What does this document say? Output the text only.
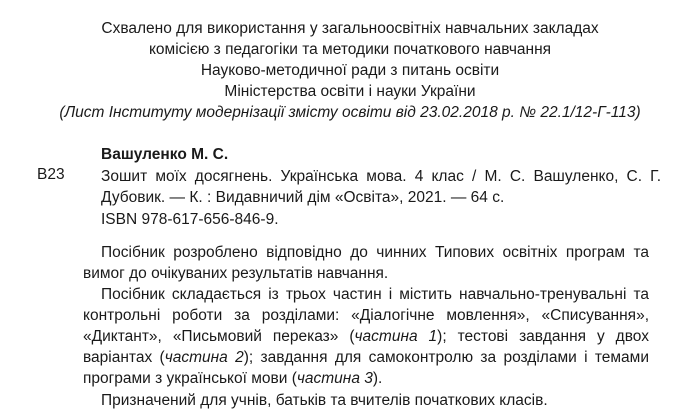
Схвалено для використання у загальноосвітніх навчальних закладах
комісією з педагогіки та методики початкового навчання
Науково-методичної ради з питань освіти
Міністерства освіти і науки України
(Лист Інституту модернізації змісту освіти від 23.02.2018 р. № 22.1/12-Г-113)
Вашуленко М. С.
В23 Зошит моїх досягнень. Українська мова. 4 клас / М. С. Вашуленко, С. Г. Дубовик. — К. : Видавничий дім «Освіта», 2021. — 64 с.
ISBN 978-617-656-846-9.

Посібник розроблено відповідно до чинних Типових освітніх програм та вимог до очікуваних результатів навчання.

Посібник складається із трьох частин і містить навчально-тренувальні та контрольні роботи за розділами: «Діалогічне мовлення», «Списування», «Диктант», «Письмовий переказ» (частина 1); тестові завдання у двох варіантах (частина 2); завдання для самоконтролю за розділами і темами програми з української мови (частина 3).

Призначений для учнів, батьків та вчителів початкових класів.
